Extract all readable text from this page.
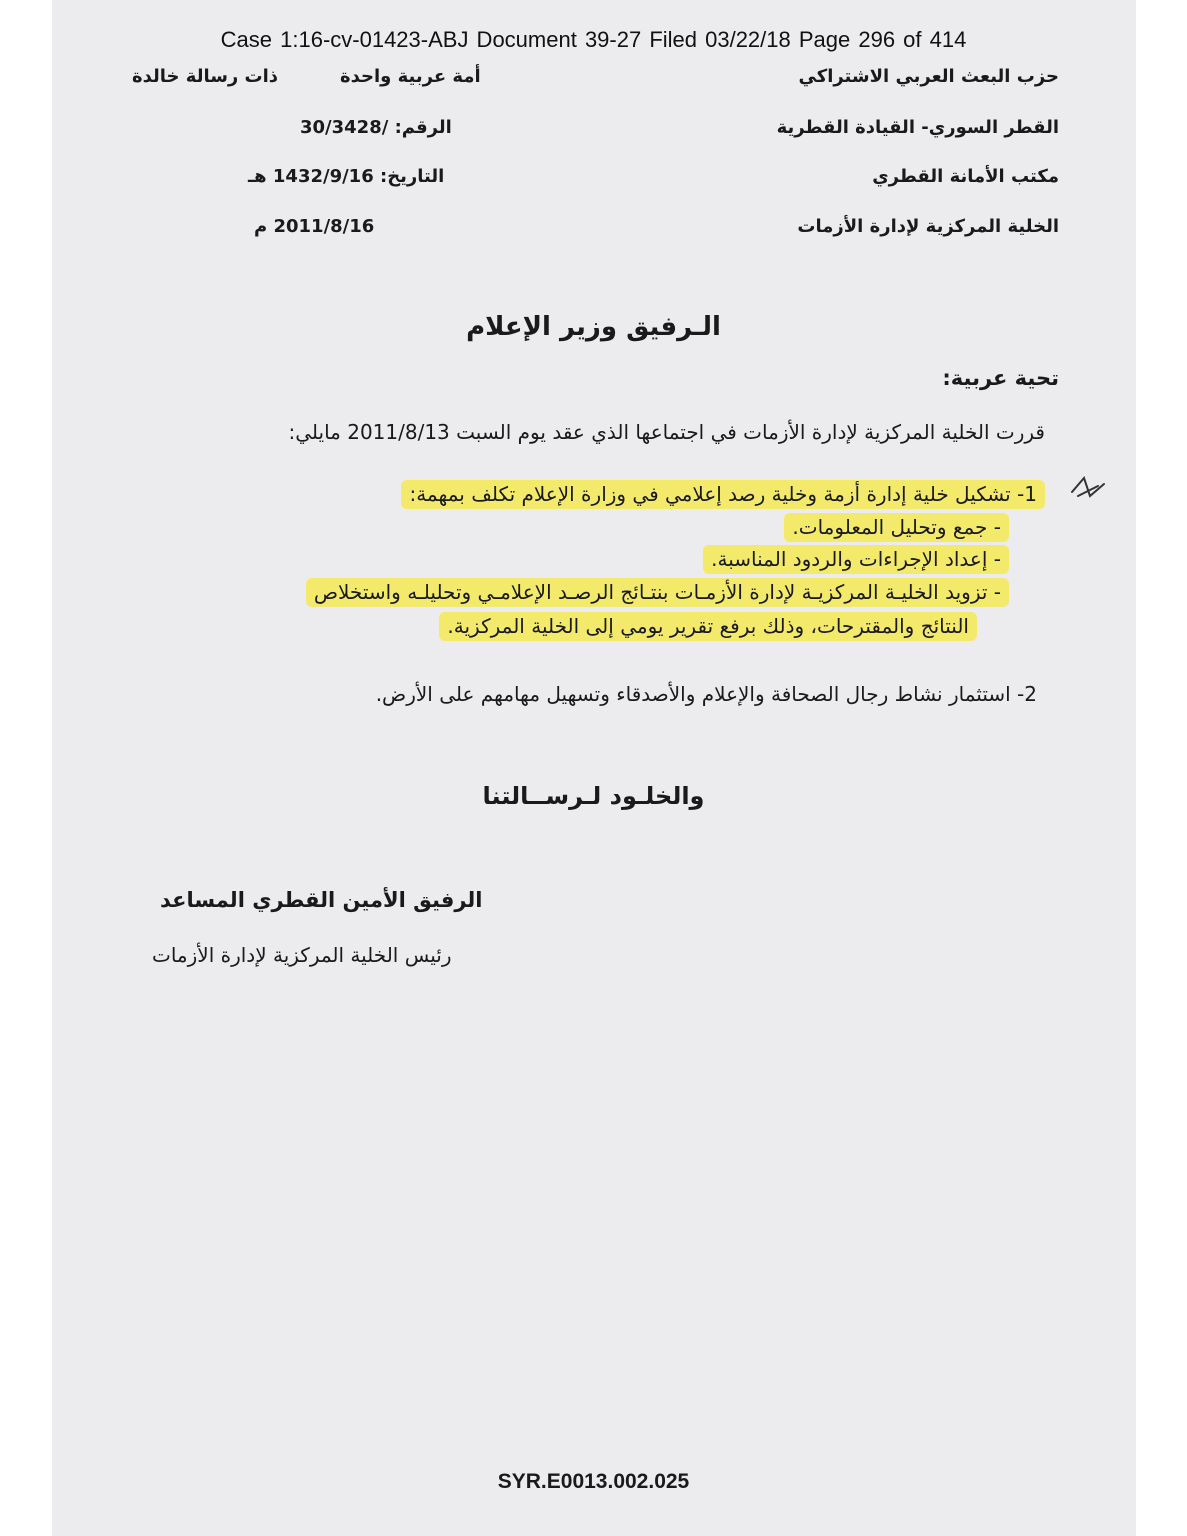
Case 1:16-cv-01423-ABJ Document 39-27 Filed 03/22/18 Page 296 of 414
حزب البعث العربي الاشتراكي
القطر السوري- القيادة القطرية
مكتب الأمانة القطري
الخلية المركزية لإدارة الأزمات
أمة عربية واحدة
ذات رسالة خالدة
الرقم: /30/3428
التاريخ: 1432/9/16 هـ
2011/8/16 م
الـرفيق وزير الإعلام
تحية عربية:
قررت الخلية المركزية لإدارة الأزمات في اجتماعها الذي عقد يوم السبت 2011/8/13 مايلي:
1- تشكيل خلية إدارة أزمة وخلية رصد إعلامي في وزارة الإعلام تكلف بمهمة:
- جمع وتحليل المعلومات.
- إعداد الإجراءات والردود المناسبة.
- تزويد الخليـة المركزيـة لإدارة الأزمـات بنتـائج الرصـد الإعلامـي وتحليلـه واستخلاص
النتائج والمقترحات، وذلك برفع تقرير يومي إلى الخلية المركزية.
2- استثمار نشاط رجال الصحافة والإعلام والأصدقاء وتسهيل مهامهم على الأرض.
والخلـود لـرســالتنا
الرفيق الأمين القطري المساعد
رئيس الخلية المركزية لإدارة الأزمات
SYR.E0013.002.025
